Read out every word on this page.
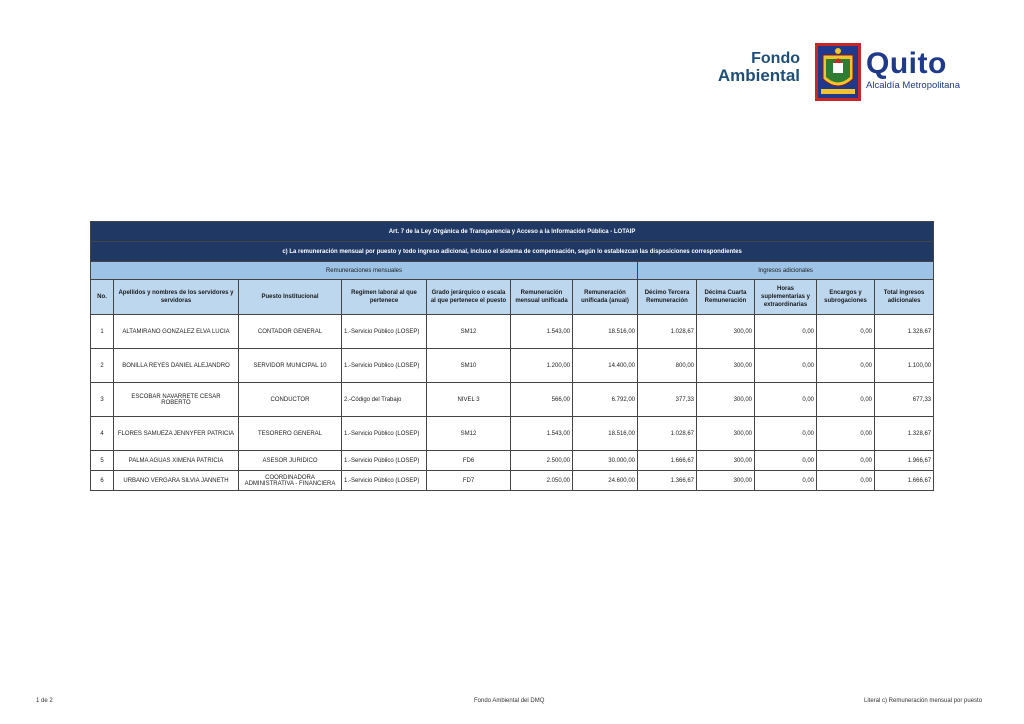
Fondo
Ambiental Quito
Alcaldía Metropolitana
Art. 7 de la Ley Orgánica de Transparencia y Acceso a la Información Pública - LOTAIP											
c) La remuneración mensual por puesto y todo ingreso adicional, incluso el sistema de compensación, según lo establezcan las disposiciones correspondientes											
Remuneraciones mensuales							Ingresos adicionales				
No.	Apellidos y nombres de los servidores y servidoras	Puesto Institucional	Regimen laboral al que pertenece	Grado jerárquico o escala al que pertenece el puesto	Remuneración mensual unificada	Remuneración unificada (anual)	Décimo Tercera Remuneración	Décima Cuarta Remuneración	Horas suplementarias y extraordinarias	Encargos y subrogaciones	Total ingresos adicionales
1	ALTAMIRANO GONZALEZ ELVA LUCIA	CONTADOR GENERAL	1.-Servicio Público (LOSEP)	SM12	1.543,00	18.516,00	1.028,67	300,00	0,00	0,00	1.328,67
2	BONILLA REYES DANIEL ALEJANDRO	SERVIDOR MUNICIPAL 10	1.-Servicio Público (LOSEP)	SM10	1.200,00	14.400,00	800,00	300,00	0,00	0,00	1.100,00
3	ESCOBAR NAVARRETE CESAR ROBERTO	CONDUCTOR	2.-Código del Trabajo	NIVEL 3	566,00	6.792,00	377,33	300,00	0,00	0,00	677,33
4	FLORES SAMUEZA JENNYFER PATRICIA	TESORERO GENERAL	1.-Servicio Público (LOSEP)	SM12	1.543,00	18.516,00	1.028,67	300,00	0,00	0,00	1.328,67
5	PALMA AGUAS XIMENA PATRICIA	ASESOR JURIDICO	1.-Servicio Público (LOSEP)	FD6	2.500,00	30.000,00	1.666,67	300,00	0,00	0,00	1.966,67
6	URBANO VERGARA SILVIA JANNETH	COORDINADORA ADMINISTRATIVA - FINANCIERA	1.-Servicio Público (LOSEP)	FD7	2.050,00	24.600,00	1.366,67	300,00	0,00	0,00	1.666,67
1 de 2	Fondo Ambiental del DMQ	Literal c) Remuneración mensual por puesto
